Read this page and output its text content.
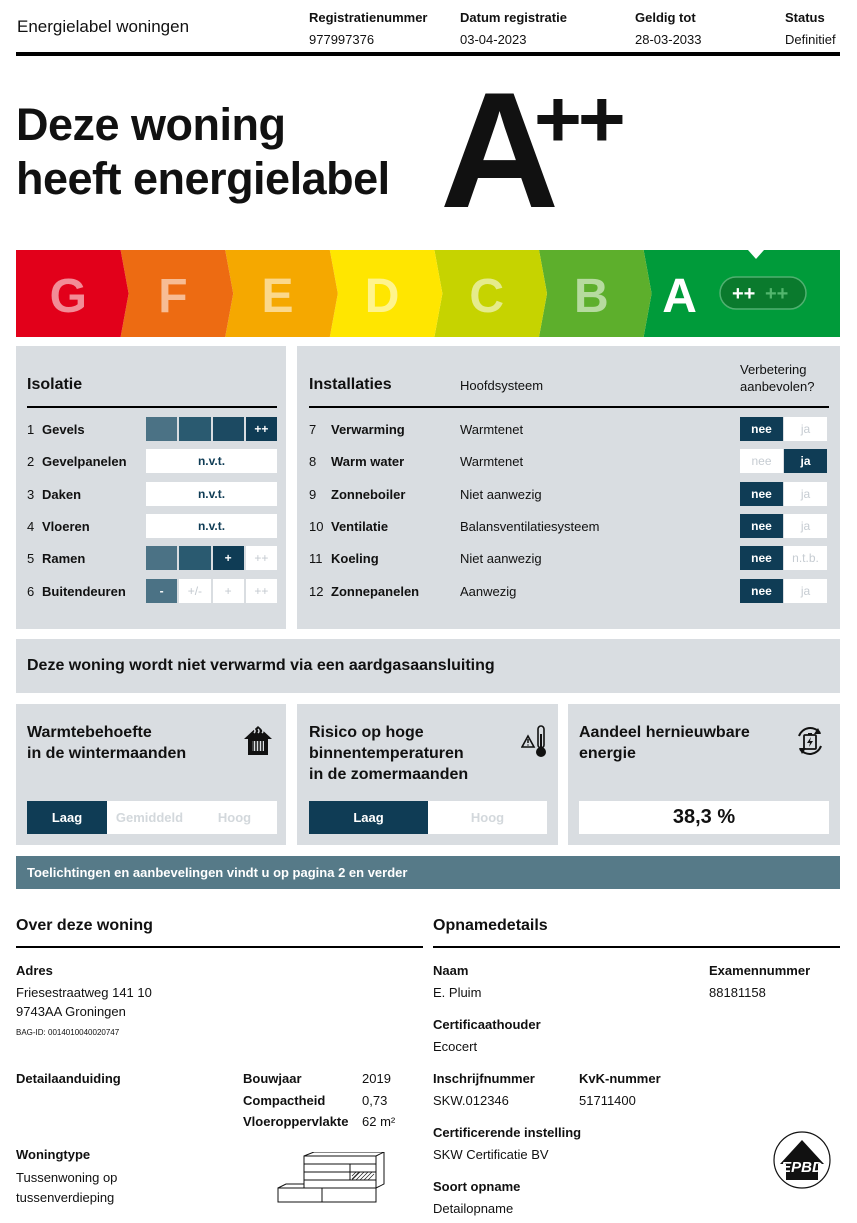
Energielabel woningen	Registratienummer
977997376
Datum registratie
03-04-2023
Geldig tot
28-03-2033
Status
Definitief
Deze woning
heeft energielabel A
++
G F E D C B A ++ ++
Isolatie
1 Gevels	++
2 Gevelpanelen	n.v.t.
3 Daken	n.v.t.
4 Vloeren	n.v.t.
5 Ramen	+	++
6 Buitendeuren	-	+/-	+	++
Installaties	Hoofdsysteem
Verbetering
aanbevolen?
7 Verwarming	Warmtenet	nee	ja
8 Warm water	Warmtenet	nee	ja
9 Zonneboiler	Niet aanwezig	nee	ja
10 Ventilatie	Balansventilatiesysteem	nee	ja
11 Koeling	Niet aanwezig	nee	n.t.b.
12 Zonnepanelen	Aanwezig	nee	ja
Deze woning wordt niet verwarmd via een aardgasaansluiting
Warmtebehoefte
in de wintermaanden
Laag	Gemiddeld	Hoog
Risico op hoge
binnentemperaturen
in de zomermaanden
Laag	Hoog
Aandeel hernieuwbare
energie
38,3 %
Toelichtingen en aanbevelingen vindt u op pagina 2 en verder
Over deze woning
Adres
Friesestraatweg 141 10
9743AA Groningen
BAG-ID: 0014010040020747
Detailaanduiding	Bouwjaar	2019
Compactheid	0,73
Vloeroppervlakte 62 m²
Woningtype
Tussenwoning op
tussenverdieping
Opnamedetails
Naam
E. Pluim
Examennummer
88181158
Certificaathouder
Ecocert
Inschrijfnummer
SKW.012346
KvK-nummer
51711400
Certificerende instelling
SKW Certificatie BV
Soort opname
Detailopname
EPBD
